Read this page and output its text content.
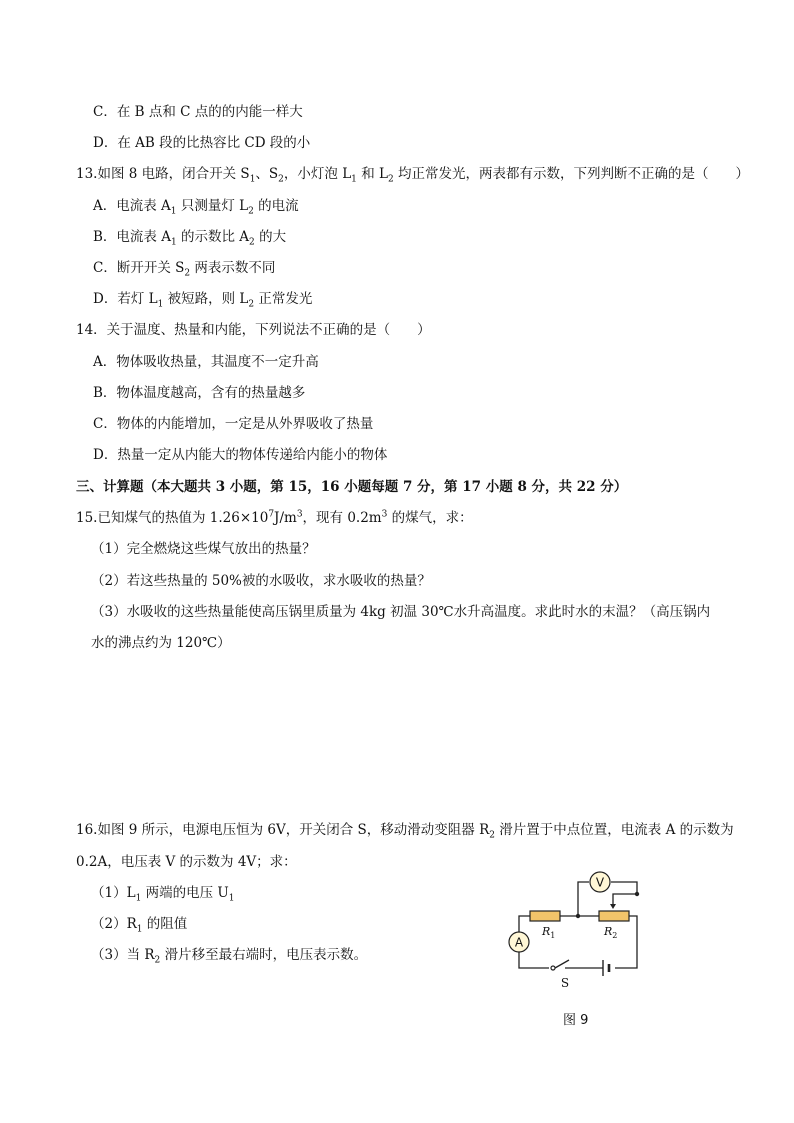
C．在 B 点和 C 点的的内能一样大
D．在 AB 段的比热容比 CD 段的小
13.如图 8 电路，闭合开关 $S_1$、$S_2$，小灯泡 $L_1$ 和 $L_2$ 均正常发光，两表都有示数，下列判断不正确的是（　　）
A．电流表 $A_1$ 只测量灯 $L_2$ 的电流
B．电流表 $A_1$ 的示数比 $A_2$ 的大
C．断开开关 $S_2$ 两表示数不同
D．若灯 $L_1$ 被短路，则 $L_2$ 正常发光
14．关于温度、热量和内能，下列说法不正确的是（　　）
A．物体吸收热量，其温度不一定升高
B．物体温度越高，含有的热量越多
C．物体的内能增加，一定是从外界吸收了热量
D．热量一定从内能大的物体传递给内能小的物体
三、计算题（本大题共 3 小题，第 15，16 小题每题 7 分，第 17 小题 8 分，共 22 分）
15.已知煤气的热值为 $1.26\times 10^7J/m^3$，现有 $0.2m^3$ 的煤气，求：
（1）完全燃烧这些煤气放出的热量？
（2）若这些热量的 50%被的水吸收，求水吸收的热量？
（3）水吸收的这些热量能使高压锅里质量为 4kg 初温 30℃水升高温度。求此时水的末温？（高压锅内
水的沸点约为 120℃）
16.如图 9 所示，电源电压恒为 6V，开关闭合 S，移动滑动变阻器 $R_2$ 滑片置于中点位置，电流表 A 的示数为
0.2A，电压表 V 的示数为 4V；求：
$(1)L_1$ 两端的电压 $U_1$
$(2)R_1$ 的阻值
（3）当 $R_2$ 滑片移至最右端时，电压表示数。
V
A
$R_1$	$R_2$
S
图 9
